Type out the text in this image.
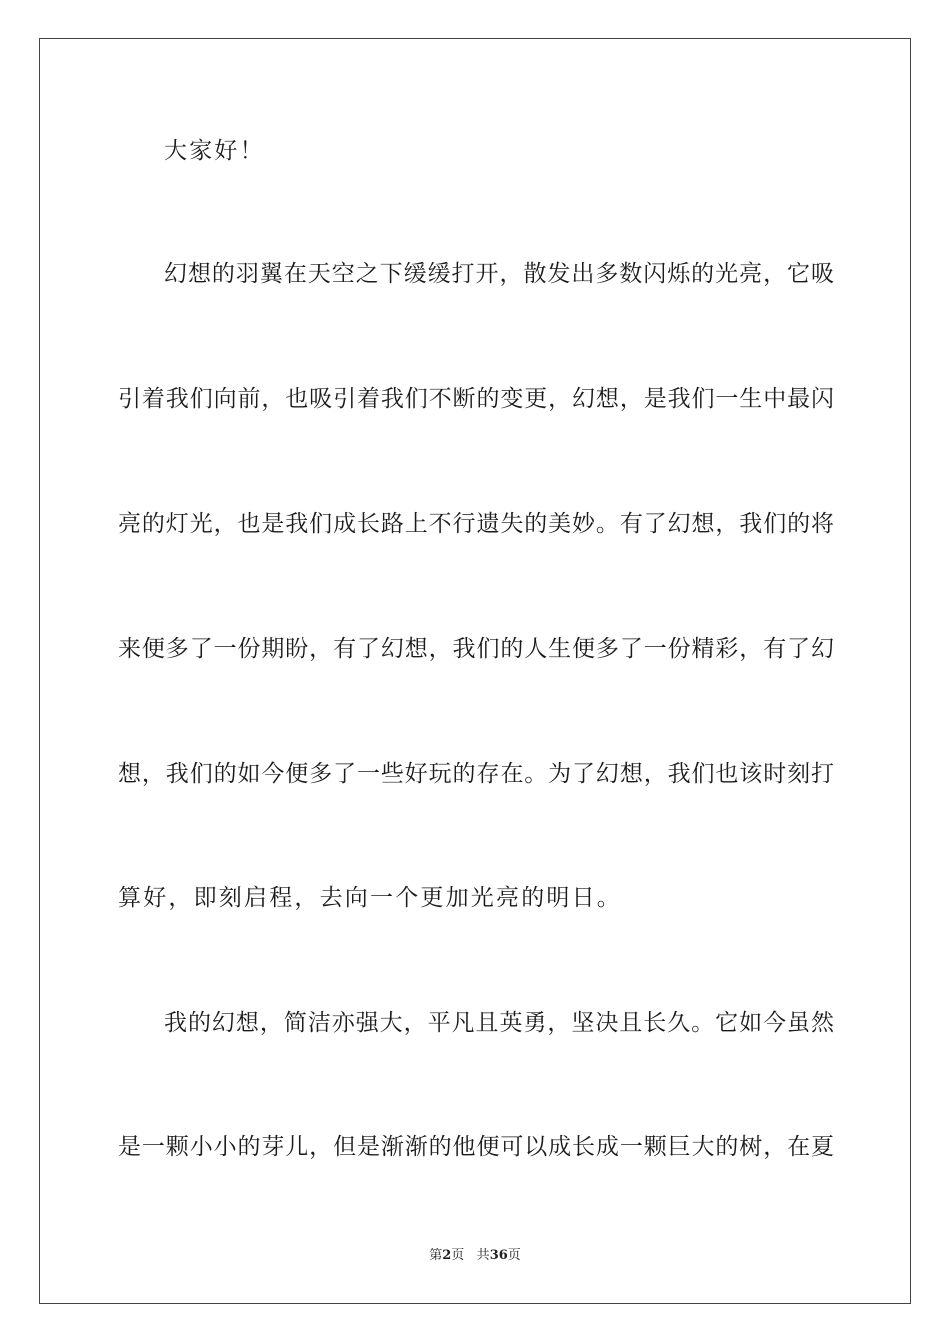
大家好！
幻想的羽翼在天空之下缓缓打开，散发出多数闪烁的光亮，它吸
引着我们向前，也吸引着我们不断的变更，幻想，是我们一生中最闪
亮的灯光，也是我们成长路上不行遗失的美妙。有了幻想，我们的将
来便多了一份期盼，有了幻想，我们的人生便多了一份精彩，有了幻
想，我们的如今便多了一些好玩的存在。为了幻想，我们也该时刻打
算好，即刻启程，去向一个更加光亮的明日。
我的幻想，简洁亦强大，平凡且英勇，坚决且长久。它如今虽然
是一颗小小的芽儿，但是渐渐的他便可以成长成一颗巨大的树，在夏
第2页 共36页
